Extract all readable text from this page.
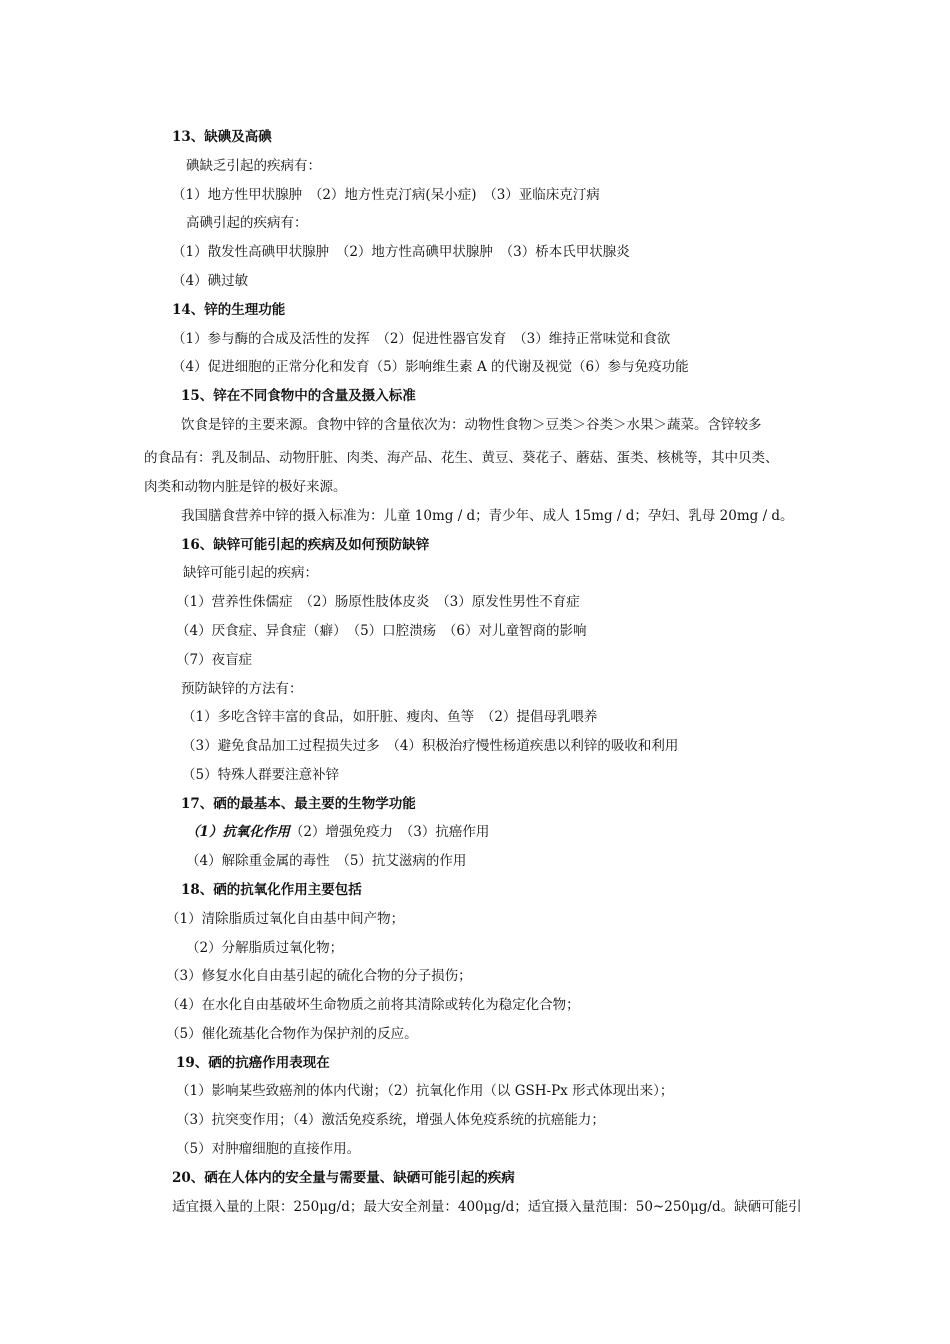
13、缺碘及高碘
碘缺乏引起的疾病有：
（1）地方性甲状腺肿　（2）地方性克汀病(呆小症)　（3）亚临床克汀病
高碘引起的疾病有：
（1）散发性高碘甲状腺肿　（2）地方性高碘甲状腺肿　（3）桥本氏甲状腺炎
（4）碘过敏
14、锌的生理功能
（1）参与酶的合成及活性的发挥　（2）促进性器官发育　（3）维持正常味觉和食欲
（4）促进细胞的正常分化和发育（5）影响维生素 A 的代谢及视觉（6）参与免疫功能
15、锌在不同食物中的含量及摄入标准
饮食是锌的主要来源。食物中锌的含量依次为：动物性食物＞豆类＞谷类＞水果＞蔬菜。含锌较多
的食品有：乳及制品、动物肝脏、肉类、海产品、花生、黄豆、葵花子、蘑菇、蛋类、核桃等，其中贝类、
肉类和动物内脏是锌的极好来源。
我国膳食营养中锌的摄入标准为：儿童 10mg / d；青少年、成人 15mg / d；孕妇、乳母 20mg / d。
16、缺锌可能引起的疾病及如何预防缺锌
缺锌可能引起的疾病：
（1）营养性侏儒症　（2）肠原性肢体皮炎　（3）原发性男性不育症
（4）厌食症、异食症（癖）　（5）口腔溃疡　（6）对儿童智商的影响
（7）夜盲症
预防缺锌的方法有：
（1）多吃含锌丰富的食品，如肝脏、瘦肉、鱼等　（2）提倡母乳喂养
（3）避免食品加工过程损失过多　（4）积极治疗慢性杨道疾患以利锌的吸收和利用
（5）特殊人群要注意补锌
17、硒的最基本、最主要的生物学功能
（1）抗氧化作用（2）增强免疫力　（3）抗癌作用
（4）解除重金属的毒性　（5）抗艾滋病的作用
18、硒的抗氧化作用主要包括
（1）清除脂质过氧化自由基中间产物；
（2）分解脂质过氧化物；
（3）修复水化自由基引起的硫化合物的分子损伤；
（4）在水化自由基破坏生命物质之前将其清除或转化为稳定化合物；
（5）催化巯基化合物作为保护剂的反应。
19、硒的抗癌作用表现在
（1）影响某些致癌剂的体内代谢；（2）抗氧化作用（以 GSH-Px 形式体现出来）；
（3）抗突变作用；（4）激活免疫系统，增强人体免疫系统的抗癌能力；
（5）对肿瘤细胞的直接作用。
20、硒在人体内的安全量与需要量、缺硒可能引起的疾病
适宜摄入量的上限：250μg/d；最大安全剂量：400μg/d；适宜摄入量范围：50~250μg/d。缺硒可能引
